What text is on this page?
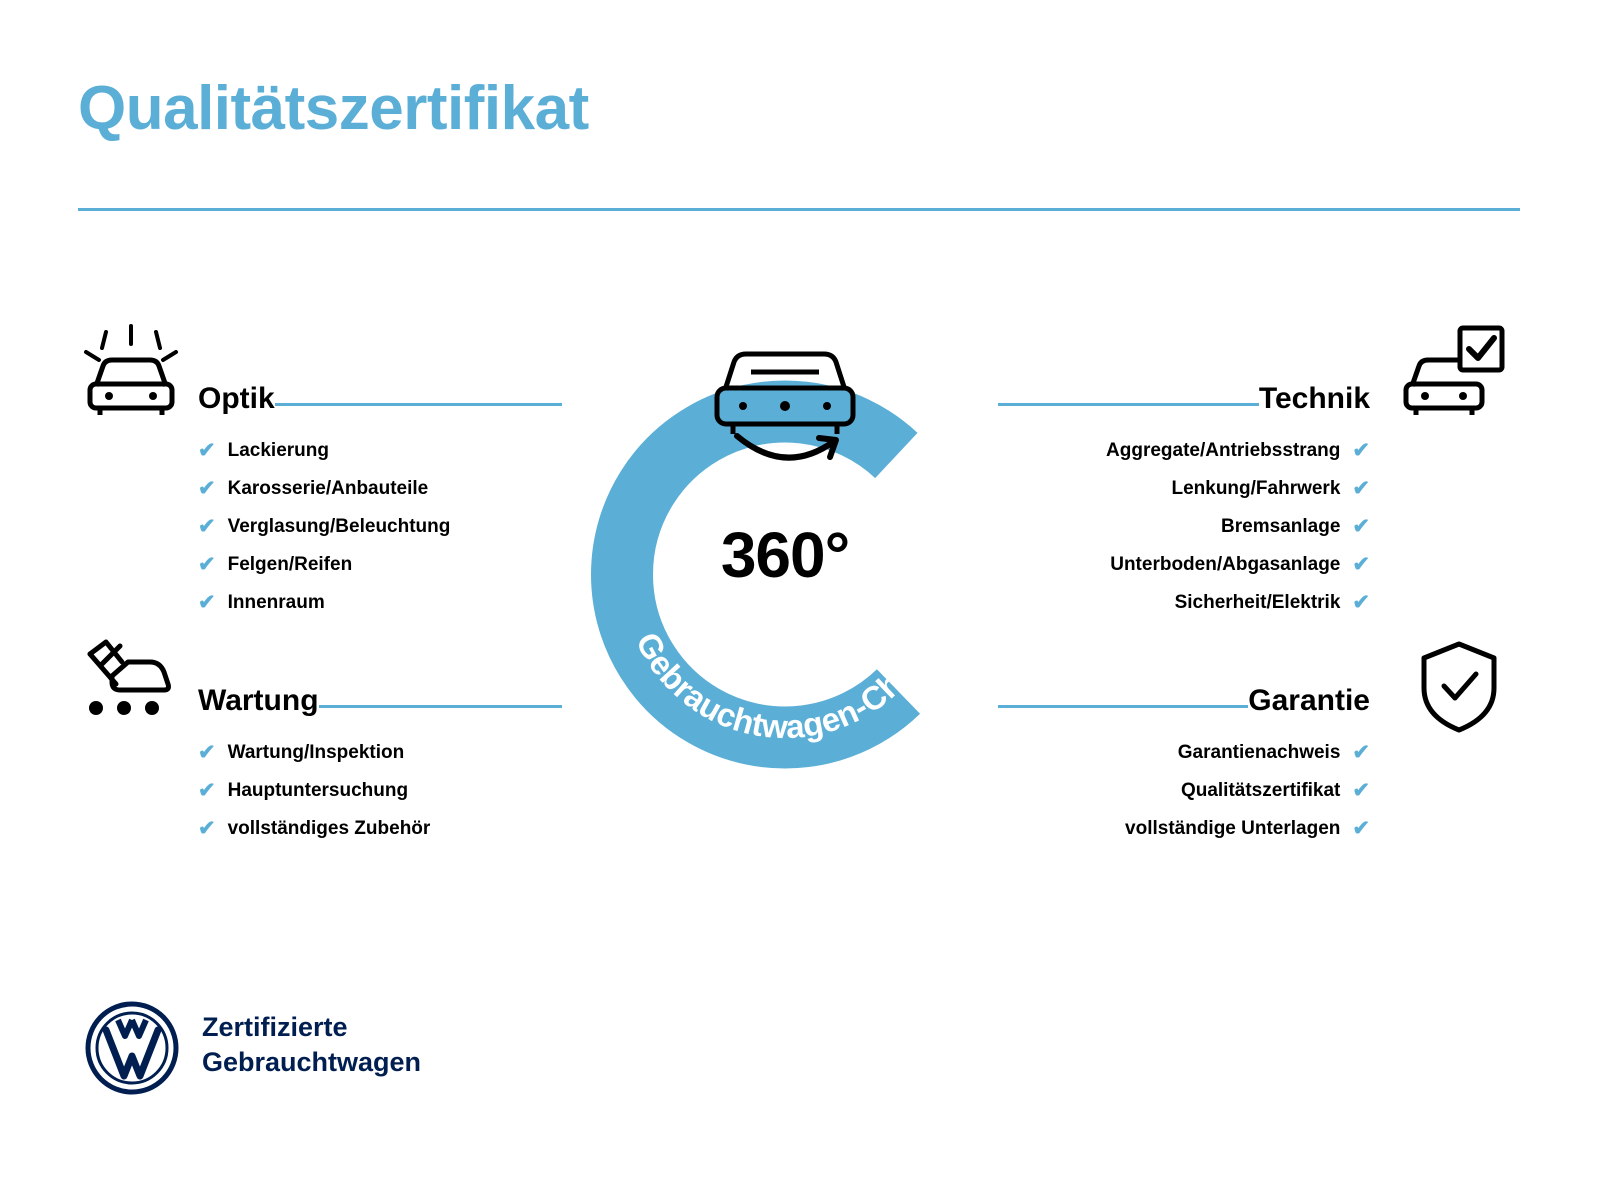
Qualitätszertifikat
Gebrauchtwagen-Check
360°
Optik
✔ Lackierung
✔ Karosserie/Anbauteile
✔ Verglasung/Beleuchtung
✔ Felgen/Reifen
✔ Innenraum
Wartung
✔ Wartung/Inspektion
✔ Hauptuntersuchung
✔ vollständiges Zubehör
Technik
Aggregate/Antriebsstrang ✔
Lenkung/Fahrwerk ✔
Bremsanlage ✔
Unterboden/Abgasanlage ✔
Sicherheit/Elektrik ✔
Garantie
Garantienachweis ✔
Qualitätszertifikat ✔
vollständige Unterlagen ✔
Zertifizierte
Gebrauchtwagen
